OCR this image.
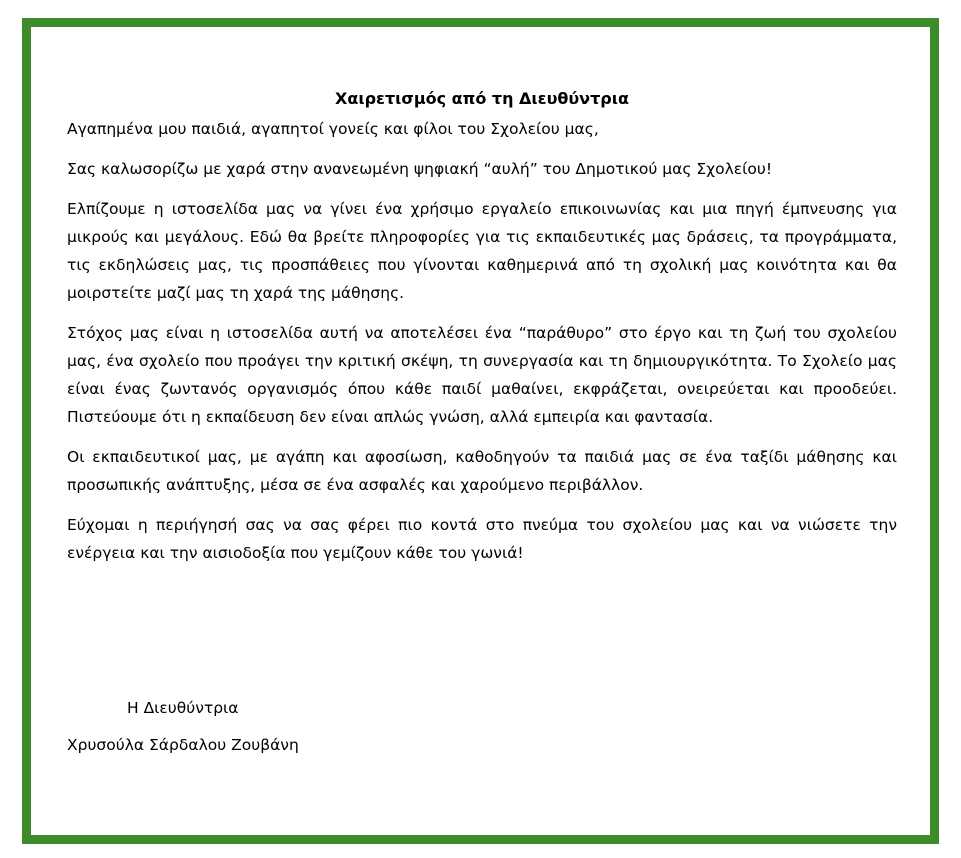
Χαιρετισμός από τη Διευθύντρια

Αγαπημένα μου παιδιά, αγαπητοί γονείς και φίλοι του Σχολείου μας,

Σας καλωσορίζω με χαρά στην ανανεωμένη ψηφιακή “αυλή” του Δημοτικού μας Σχολείου!

Ελπίζουμε η ιστοσελίδα μας να γίνει ένα χρήσιμο εργαλείο επικοινωνίας και μια πηγή έμπνευσης για μικρούς και μεγάλους. Εδώ θα βρείτε πληροφορίες για τις εκπαιδευτικές μας δράσεις, τα προγράμματα, τις εκδηλώσεις μας, τις προσπάθειες που γίνονται καθημερινά από τη σχολική μας κοινότητα και θα μοιρστείτε μαζί μας τη χαρά της μάθησης.

Στόχος μας είναι η ιστοσελίδα αυτή να αποτελέσει ένα “παράθυρο” στο έργο και τη ζωή του σχολείου μας, ένα σχολείο που προάγει την κριτική σκέψη, τη συνεργασία και τη δημιουργικότητα. Το Σχολείο μας είναι ένας ζωντανός οργανισμός όπου κάθε παιδί μαθαίνει, εκφράζεται, ονειρεύεται και προοδεύει. Πιστεύουμε ότι η εκπαίδευση δεν είναι απλώς γνώση, αλλά εμπειρία και φαντασία.

Οι εκπαιδευτικοί μας, με αγάπη και αφοσίωση, καθοδηγούν τα παιδιά μας σε ένα ταξίδι μάθησης και προσωπικής ανάπτυξης, μέσα σε ένα ασφαλές και χαρούμενο περιβάλλον.

Εύχομαι η περιήγησή σας να σας φέρει πιο κοντά στο πνεύμα του σχολείου μας και να νιώσετε την ενέργεια και την αισιοδοξία που γεμίζουν κάθε του γωνιά!

Η Διευθύντρια

Χρυσούλα Σάρδαλου Ζουβάνη
